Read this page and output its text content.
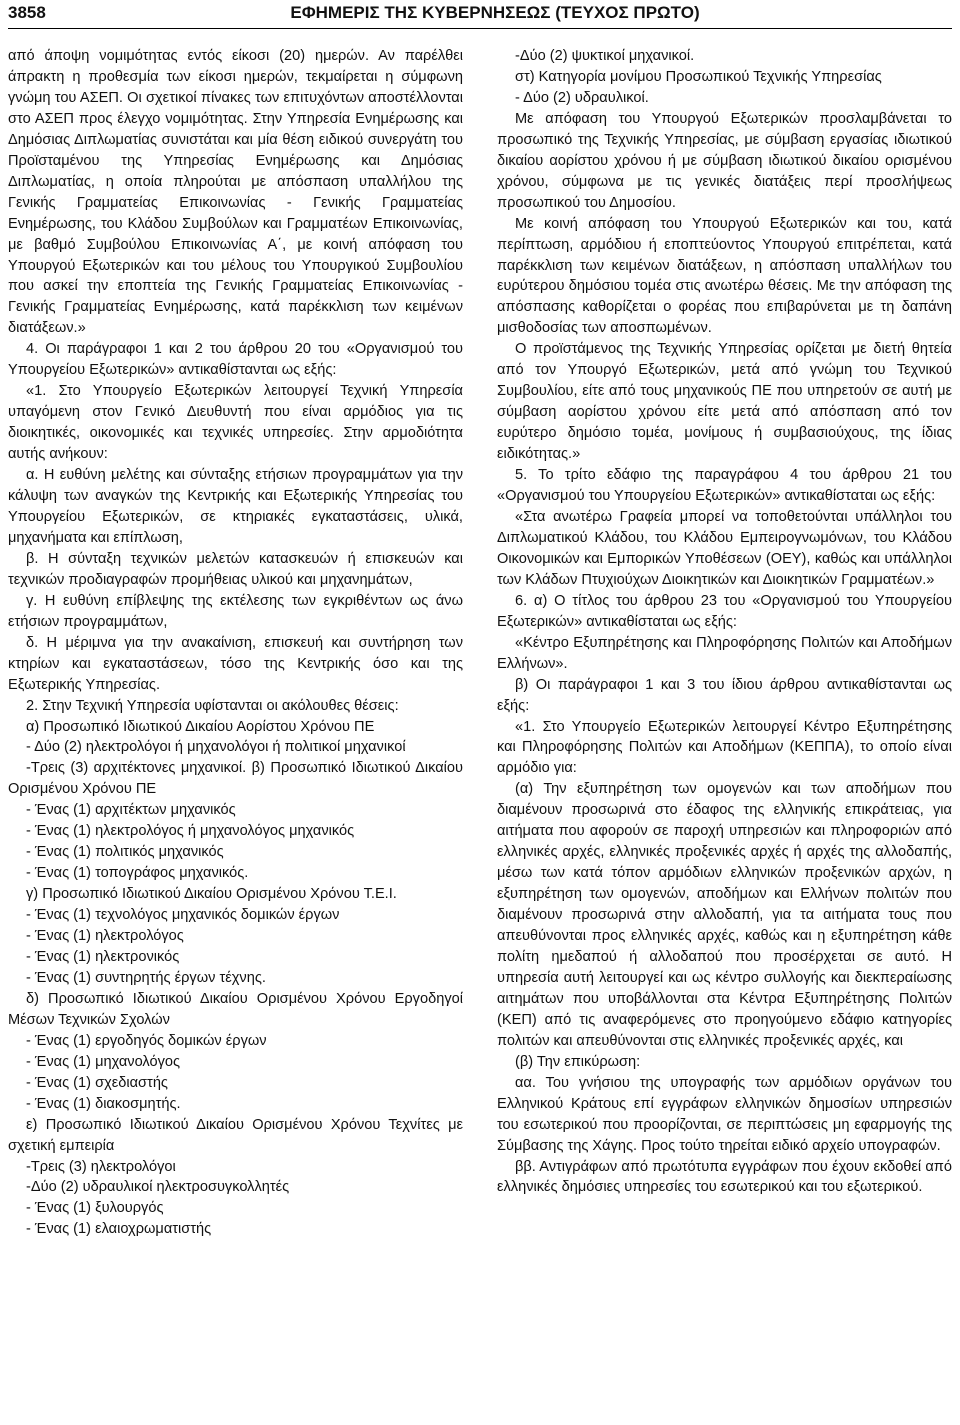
3858	ΕΦΗΜΕΡΙΣ ΤΗΣ ΚΥΒΕΡΝΗΣΕΩΣ (ΤΕΥΧΟΣ ΠΡΩΤΟ)

από άποψη νομιμότητας εντός είκοσι (20) ημερών. Αν παρέλθει άπρακτη η προθεσμία των είκοσι ημερών, τεκμαίρεται η σύμφωνη γνώμη του ΑΣΕΠ. Οι σχετικοί πίνακες των επιτυχόντων αποστέλλονται στο ΑΣΕΠ προς έλεγχο νομιμότητας. Στην Υπηρεσία Ενημέρωσης και Δημόσιας Διπλωματίας συνιστάται και μία θέση ειδικού συνεργάτη του Προϊσταμένου της Υπηρεσίας Ενημέρωσης και Δημόσιας Διπλωματίας, η οποία πληρούται με απόσπαση υπαλλήλου της Γενικής Γραμματείας Επικοινωνίας - Γενικής Γραμματείας Ενημέρωσης, του Κλάδου Συμβούλων και Γραμματέων Επικοινωνίας, με βαθμό Συμβούλου Επικοινωνίας Α΄, με κοινή απόφαση του Υπουργού Εξωτερικών και του μέλους του Υπουργικού Συμβουλίου που ασκεί την εποπτεία της Γενικής Γραμματείας Επικοινωνίας - Γενικής Γραμματείας Ενημέρωσης, κατά παρέκκλιση των κειμένων διατάξεων.»

4. Οι παράγραφοι 1 και 2 του άρθρου 20 του «Οργανισμού του Υπουργείου Εξωτερικών» αντικαθίστανται ως εξής:

«1. Στο Υπουργείο Εξωτερικών λειτουργεί Τεχνική Υπηρεσία υπαγόμενη στον Γενικό Διευθυντή που είναι αρμόδιος για τις διοικητικές, οικονομικές και τεχνικές υπηρεσίες. Στην αρμοδιότητα αυτής ανήκουν:

α. Η ευθύνη μελέτης και σύνταξης ετήσιων προγραμμάτων για την κάλυψη των αναγκών της Κεντρικής και Εξωτερικής Υπηρεσίας του Υπουργείου Εξωτερικών, σε κτηριακές εγκαταστάσεις, υλικά, μηχανήματα και επίπλωση,

β. Η σύνταξη τεχνικών μελετών κατασκευών ή επισκευών και τεχνικών προδιαγραφών προμήθειας υλικού και μηχανημάτων,

γ. Η ευθύνη επίβλεψης της εκτέλεσης των εγκριθέντων ως άνω ετήσιων προγραμμάτων,

δ. Η μέριμνα για την ανακαίνιση, επισκευή και συντήρηση των κτηρίων και εγκαταστάσεων, τόσο της Κεντρικής όσο και της Εξωτερικής Υπηρεσίας.

2. Στην Τεχνική Υπηρεσία υφίστανται οι ακόλουθες θέσεις:

α) Προσωπικό Ιδιωτικού Δικαίου Αορίστου Χρόνου ΠΕ

- Δύο (2) ηλεκτρολόγοι ή μηχανολόγοι ή πολιτικοί μηχανικοί

-Τρεις (3) αρχιτέκτονες μηχανικοί. β) Προσωπικό Ιδιωτικού Δικαίου Ορισμένου Χρόνου ΠΕ

- Ένας (1) αρχιτέκτων μηχανικός

- Ένας (1) ηλεκτρολόγος ή μηχανολόγος μηχανικός

- Ένας (1) πολιτικός μηχανικός

- Ένας (1) τοπογράφος μηχανικός.

γ) Προσωπικό Ιδιωτικού Δικαίου Ορισμένου Χρόνου Τ.Ε.Ι.

- Ένας (1) τεχνολόγος μηχανικός δομικών έργων

- Ένας (1) ηλεκτρολόγος

- Ένας (1) ηλεκτρονικός

- Ένας (1) συντηρητής έργων τέχνης.

δ) Προσωπικό Ιδιωτικού Δικαίου Ορισμένου Χρόνου Εργοδηγοί Μέσων Τεχνικών Σχολών

- Ένας (1) εργοδηγός δομικών έργων

- Ένας (1) μηχανολόγος

- Ένας (1) σχεδιαστής

- Ένας (1) διακοσμητής.

ε) Προσωπικό Ιδιωτικού Δικαίου Ορισμένου Χρόνου Τεχνίτες με σχετική εμπειρία

-Τρεις (3) ηλεκτρολόγοι

-Δύο (2) υδραυλικοί ηλεκτροσυγκολλητές

- Ένας (1) ξυλουργός

- Ένας (1) ελαιοχρωματιστής

-Δύο (2) ψυκτικοί μηχανικοί.

στ) Κατηγορία μονίμου Προσωπικού Τεχνικής Υπηρεσίας

- Δύο (2) υδραυλικοί.

Με απόφαση του Υπουργού Εξωτερικών προσλαμβάνεται το προσωπικό της Τεχνικής Υπηρεσίας, με σύμβαση εργασίας ιδιωτικού δικαίου αορίστου χρόνου ή με σύμβαση ιδιωτικού δικαίου ορισμένου χρόνου, σύμφωνα με τις γενικές διατάξεις περί προσλήψεως προσωπικού του Δημοσίου.

Με κοινή απόφαση του Υπουργού Εξωτερικών και του, κατά περίπτωση, αρμόδιου ή εποπτεύοντος Υπουργού επιτρέπεται, κατά παρέκκλιση των κειμένων διατάξεων, η απόσπαση υπαλλήλων του ευρύτερου δημόσιου τομέα στις ανωτέρω θέσεις. Με την απόφαση της απόσπασης καθορίζεται ο φορέας που επιβαρύνεται με τη δαπάνη μισθοδοσίας των αποσπωμένων.

Ο προϊστάμενος της Τεχνικής Υπηρεσίας ορίζεται με διετή θητεία από τον Υπουργό Εξωτερικών, μετά από γνώμη του Τεχνικού Συμβουλίου, είτε από τους μηχανικούς ΠΕ που υπηρετούν σε αυτή με σύμβαση αορίστου χρόνου είτε μετά από απόσπαση από τον ευρύτερο δημόσιο τομέα, μονίμους ή συμβασιούχους, της ίδιας ειδικότητας.»

5. Το τρίτο εδάφιο της παραγράφου 4 του άρθρου 21 του «Οργανισμού του Υπουργείου Εξωτερικών» αντικαθίσταται ως εξής:

«Στα ανωτέρω Γραφεία μπορεί να τοποθετούνται υπάλληλοι του Διπλωματικού Κλάδου, του Κλάδου Εμπειρογνωμόνων, του Κλάδου Οικονομικών και Εμπορικών Υποθέσεων (ΟΕΥ), καθώς και υπάλληλοι των Κλάδων Πτυχιούχων Διοικητικών και Διοικητικών Γραμματέων.»

6. α) Ο τίτλος του άρθρου 23 του «Οργανισμού του Υπουργείου Εξωτερικών» αντικαθίσταται ως εξής:

«Κέντρο Εξυπηρέτησης και Πληροφόρησης Πολιτών και Αποδήμων Ελλήνων».

β) Οι παράγραφοι 1 και 3 του ίδιου άρθρου αντικαθίστανται ως εξής:

«1. Στο Υπουργείο Εξωτερικών λειτουργεί Κέντρο Εξυπηρέτησης και Πληροφόρησης Πολιτών και Αποδήμων (ΚΕΠΠΑ), το οποίο είναι αρμόδιο για:

(α) Την εξυπηρέτηση των ομογενών και των αποδήμων που διαμένουν προσωρινά στο έδαφος της ελληνικής επικράτειας, για αιτήματα που αφορούν σε παροχή υπηρεσιών και πληροφοριών από ελληνικές αρχές, ελληνικές προξενικές αρχές ή αρχές της αλλοδαπής, μέσω των κατά τόπον αρμόδιων ελληνικών προξενικών αρχών, η εξυπηρέτηση των ομογενών, αποδήμων και Ελλήνων πολιτών που διαμένουν προσωρινά στην αλλοδαπή, για τα αιτήματα τους που απευθύνονται προς ελληνικές αρχές, καθώς και η εξυπηρέτηση κάθε πολίτη ημεδαπού ή αλλοδαπού που προσέρχεται σε αυτό. Η υπηρεσία αυτή λειτουργεί και ως κέντρο συλλογής και διεκπεραίωσης αιτημάτων που υποβάλλονται στα Κέντρα Εξυπηρέτησης Πολιτών (ΚΕΠ) από τις αναφερόμενες στο προηγούμενο εδάφιο κατηγορίες πολιτών και απευθύνονται στις ελληνικές προξενικές αρχές, και

(β) Την επικύρωση:

αα. Του γνήσιου της υπογραφής των αρμόδιων οργάνων του Ελληνικού Κράτους επί εγγράφων ελληνικών δημοσίων υπηρεσιών του εσωτερικού που προορίζονται, σε περιπτώσεις μη εφαρμογής της Σύμβασης της Χάγης. Προς τούτο τηρείται ειδικό αρχείο υπογραφών.

ββ. Αντιγράφων από πρωτότυπα εγγράφων που έχουν εκδοθεί από ελληνικές δημόσιες υπηρεσίες του εσωτερικού και του εξωτερικού.
